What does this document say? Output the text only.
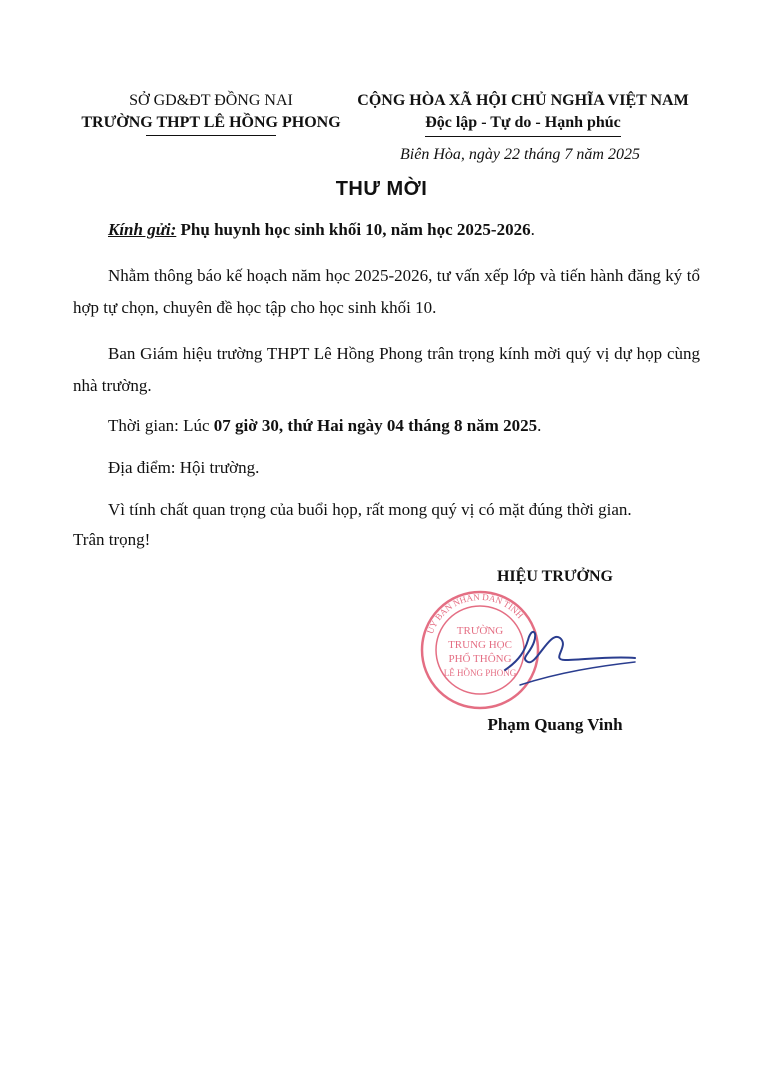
SỞ GD&ĐT ĐỒNG NAI
TRƯỜNG THPT LÊ HỒNG PHONG
CỘNG HÒA XÃ HỘI CHỦ NGHĨA VIỆT NAM
Độc lập - Tự do - Hạnh phúc
Biên Hòa, ngày 22 tháng 7 năm 2025
THƯ MỜI
Kính gửi: Phụ huynh học sinh khối 10, năm học 2025-2026.
Nhằm thông báo kế hoạch năm học 2025-2026, tư vấn xếp lớp và tiến hành đăng ký tổ hợp tự chọn, chuyên đề học tập cho học sinh khối 10.
Ban Giám hiệu trường THPT Lê Hồng Phong trân trọng kính mời quý vị dự họp cùng nhà trường.
Thời gian: Lúc 07 giờ 30, thứ Hai ngày 04 tháng 8 năm 2025.
Địa điểm: Hội trường.
Vì tính chất quan trọng của buổi họp, rất mong quý vị có mặt đúng thời gian.
Trân trọng!
HIỆU TRƯỞNG
UỶ BAN NHÂN DÂN TỈNH
TRƯỜNG
TRUNG HỌC
PHỔ THÔNG
LÊ HỒNG PHONG
Phạm Quang Vinh
